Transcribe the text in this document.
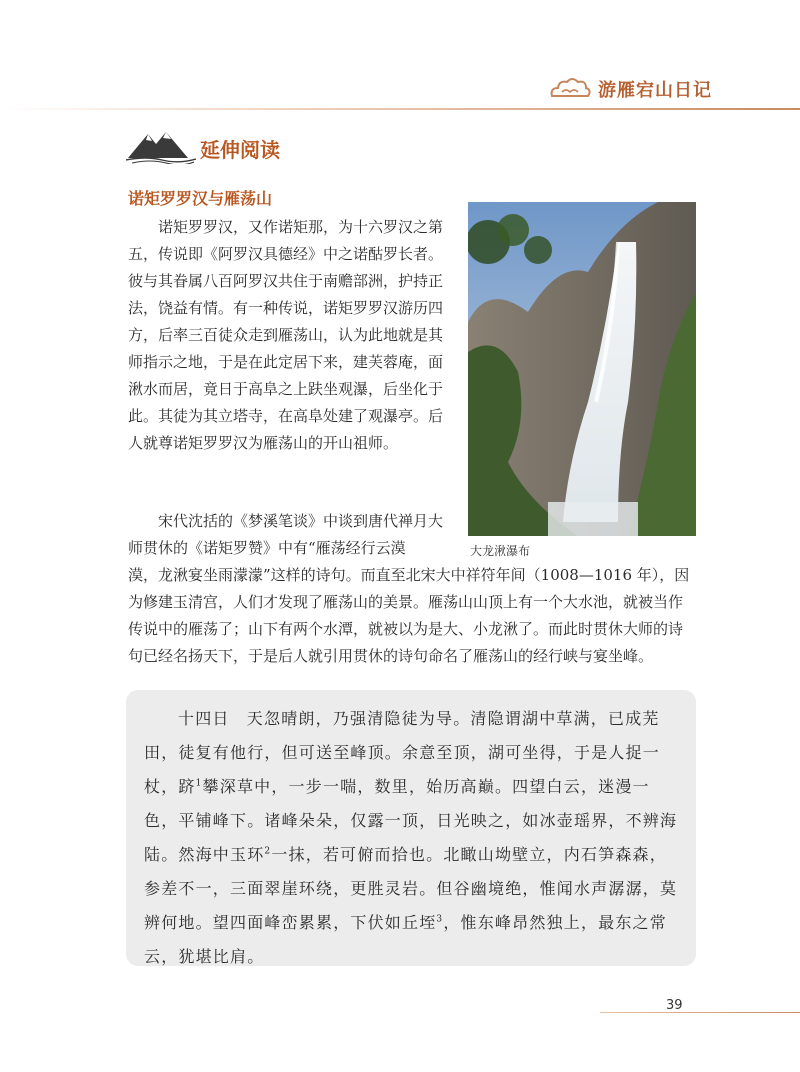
游雁宕山日记
延伸阅读
诺矩罗罗汉与雁荡山

诺矩罗罗汉，又作诺矩那，为十六罗汉之第五，传说即《阿罗汉具德经》中之诺酤罗长者。彼与其眷属八百阿罗汉共住于南赡部洲，护持正法，饶益有情。有一种传说，诺矩罗罗汉游历四方，后率三百徒众走到雁荡山，认为此地就是其师指示之地，于是在此定居下来，建芙蓉庵，面湫水而居，竟日于高阜之上趺坐观瀑，后坐化于此。其徒为其立塔寺，在高阜处建了观瀑亭。后人就尊诺矩罗罗汉为雁荡山的开山祖师。

宋代沈括的《梦溪笔谈》中谈到唐代禅月大师贯休的《诺矩罗赞》中有“雁荡经行云漠

漠，龙湫宴坐雨濛濛”这样的诗句。而直至北宋大中祥符年间（1008—1016 年），因为修建玉清宫，人们才发现了雁荡山的美景。雁荡山山顶上有一个大水池，就被当作传说中的雁荡了；山下有两个水潭，就被以为是大、小龙湫了。而此时贯休大师的诗句已经名扬天下，于是后人就引用贯休的诗句命名了雁荡山的经行峡与宴坐峰。

大龙湫瀑布

十四日　天忽晴朗，乃强清隐徒为导。清隐谓湖中草满，已成芜田，徒复有他行，但可送至峰顶。余意至顶，湖可坐得，于是人捉一杖，跻$^1$攀深草中，一步一喘，数里，始历高巅。四望白云，迷漫一色，平铺峰下。诸峰朵朵，仅露一顶，日光映之，如冰壶瑶界，不辨海陆。然海中玉环$^2$一抹，若可俯而拾也。北瞰山坳壁立，内石笋森森，参差不一，三面翠崖环绕，更胜灵岩。但谷幽境绝，惟闻水声潺潺，莫辨何地。望四面峰峦累累，下伏如丘垤$^3$，惟东峰昂然独上，最东之常云，犹堪比肩。

39
